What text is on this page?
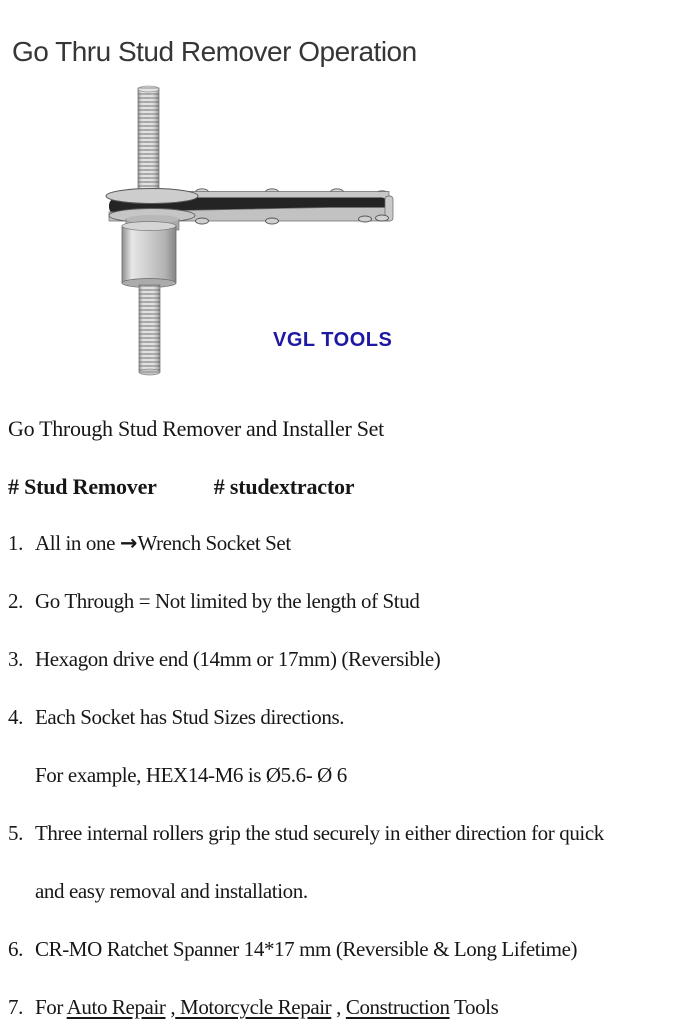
Go Thru Stud Remover Operation
VGL TOOLS
Go Through Stud Remover and Installer Set
# Stud Remover	# studextractor
1. All in one →Wrench Socket Set
2. Go Through = Not limited by the length of Stud
3. Hexagon drive end (14mm or 17mm) (Reversible)
4. Each Socket has Stud Sizes directions.
For example, HEX14-M6 is Ø5.6- Ø 6
5. Three internal rollers grip the stud securely in either direction for quick
and easy removal and installation.
6. CR-MO Ratchet Spanner 14*17 mm (Reversible & Long Lifetime)
7. For Auto Repair , Motorcycle Repair , Construction Tools
